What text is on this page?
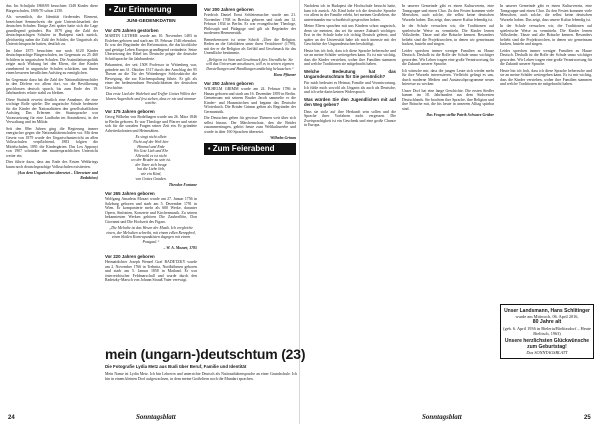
dus. Im Schuljahr 1868/69 besuchten 1348 Kinder diese Bürgerschulen, 1869/70 schon 2150.

Als wesentlich, die Identität förderndes Element, bezeichnet Semmelweis die gute Unterrichtsarbeit der deutschen Schulen. Einige Zeit später hatte sich die Lage grundlegend geändert. Bis 1879 ging die Zahl der deutschsprachigen Schulen in Budapest stark zurück, gleichzeitig nahm die Zahl der Schüler, die Ungarisch als Unterrichtssprache hatten, deutlich zu.

Im Jahre 1875 besuchten nur noch 6120 Kinder deutschsprachige Bürgerschulen, im Gegensatz zu 25 460 Schülern in ungarischen Schulen. Die Assimilationspolitik zeigte auch Wirkung bei den Eltern, die ihre Kinder zunehmend in ungarische Schulen schickten, um ihnen einen besseren beruflichen Aufstieg zu ermöglichen.

Im Gegensatz dazu hat die Zahl der Nationalitätenschüler in den Dörfern vor allem dort, wo die Bevölkerung geschlossen deutsch sprach, bis zum Ende des 19. Jahrhunderts relativ stabil zu bleiben.

Diese Statistik erweist deutlich eine Annahme, die eine wichtige Rolle spielte: Die ungarische Schule bedeutete für die Kinder der Nationalitäten den gesellschaftlichen Aufstieg. Das Erlernen der Staatssprache war Voraussetzung für eine Laufbahn im Staatsdienst, in der Verwaltung und im Militär.

Seit den 80er Jahren ging die Regierung immer energischer gegen die Nationalitätenschulen vor. Mit dem Gesetz von 1879 wurde der Ungarischunterricht an allen Volksschulen verpflichtend, 1883 folgten die Mittelschulen, 1891 die Kindergärten. Das Lex Apponyi von 1907 schränkte den muttersprachlichen Unterricht weiter ein.

Dies führte dazu, dass am Ende des Ersten Weltkriegs kaum noch deutschsprachige Volksschulen existierten.

(Aus dem Ungarischen übersetzt – Übersetzer und Redaktion)

• Zur Erinnerung
JUNI-GEDENKDATEN
Vor 475 Jahren gestorben

MARTIN LUTHER wurde am 10. November 1483 in Eisleben geboren und starb am 18. Februar 1546 ebendort. Er war der Begründer der Reformation, die das kirchliche und geistige Leben Europas grundlegend veränderte. Seine Übersetzung der Bibel ins Deutsche prägte die deutsche Schriftsprache für Jahrhunderte.

Bekanntest, der seit 1508 Professor in Wittenberg war, gründete am 31. Oktober 1517 durch den Anschlag der 95 Thesen an die Tür der Wittenberger Schlosskirche die Bewegung, die zur Kirchenspaltung führte. Er gilt als einer der bedeutendsten Persönlichkeiten der deutschen Geschichte.

Das erste Lied der Wahrheit und Treffer Gottes Willen der klaren Augenlicht und fest stehen, dass er nie und nimmer weiche.

Vor 175 Jahren geboren

Georg Wilhelm von Bodelhagen wurde am 26. März 1846 in Berlin geboren. Er war Theologe und Pfarrer und setzte sich für die sozialen Fragen seiner Zeit ein. Er gründete Arbeiterkolonien und Heimstätten.

Es singt nicht allein
Nicht auf der Welt hier
Himmel und Erde
Wo Gott Lieb und Ehr
Allewohl es ist nicht
wo der Bruder zu sein ist.
der Vater sich beugt
hat die Liebe lieb,
wie ein Kind,
von Gottes Gnaden.

Theodor Fontane

Vor 265 Jahren geboren

Wolfgang Amadeus Mozart wurde am 27. Januar 1756 in Salzburg geboren und starb am 5. Dezember 1791 in Wien. Er komponierte mehr als 600 Werke, darunter Opern, Sinfonien, Konzerte und Kirchenmusik. Zu seinen bekanntesten Werken gehören Die Zauberflöte, Don Giovanni und Die Hochzeit des Figaro.

„Die Melodie ist das Wesen der Musik. Ich vergleiche einen, der Melodien schreibt, mit einem edlen Rennpferd, einen bloßen Kontrapunktisten dagegen mit einem Postgaul.“

– W. A. Mozart, 1785

Vor 220 Jahren geboren

Heimatdichter Joseph Wenzel Graf RADETZKY wurde am 2. November 1766 in Trebnitz, Nordböhmen geboren und starb am 5. Januar 1858 in Mailand. Er war österreichischer Feldmarschall und wurde durch den Radetzky-Marsch von Johann Strauß Vater verewigt.

Vor 200 Jahren geboren

Friedrich Daniel Ernst Schleiermacher wurde am 21. November 1768 in Breslau geboren und starb am 12. Februar 1834 in Berlin. Er war evangelischer Theologe, Philosoph und Pädagoge und gilt als Begründer der modernen Hermeneutik.

Bemerkenswert ist seine Schrift „Über die Religion. Reden an die Gebildeten unter ihren Verächtern“ (1799), mit der er die Religion als Gefühl und Geschmack für das Unendliche bestimmte.

„Religion ist Sinn und Geschmack fürs Unendliche. Sie will das Universum anschauen, will es in seinen eigenen Darstellungen und Handlungen andächtig belauschen.“

Hans Pfitzner

Vor 250 Jahren geboren

WILHELM GRIMM wurde am 24. Februar 1786 in Hanau geboren und starb am 16. Dezember 1859 in Berlin. Gemeinsam mit seinem Bruder Jacob sammelte er die Kinder- und Hausmärchen und begann das Deutsche Wörterbuch. Die Brüder Grimm gelten als Begründer der Germanistik.

Die Deutschen gehen für gewisse Themen weit über sich selbst hinaus. Der Märchenschatz, den die Brüder zusammentrugen, gehört heute zum Weltkulturerbe und wurde in über 160 Sprachen übersetzt.

Wilhelm Grimm

• Zum Feierabend
mein (ungarn-)deutschtum (23)
Die Fotografie Lydia Metz aus Budi über Beruf, Familie und Identität

Mein Name ist Lydia Metz. Ich bin Lehrerin und unterrichte Deutsch als Nationalitätensprache an einer Grundschule. Ich bin in einem kleinen Dorf aufgewachsen, in dem meine Großeltern noch die Mundart sprachen.

24	Sonntagsblatt

Nachdem ich in Budapest die Hochschule besucht hatte, kam ich zurück. Als Kind habe ich die deutsche Sprache vor allem in der Familie erlebt, bei meinen Großeltern, die untereinander nur schwäbisch gesprochen haben.

Meine Eltern sprachen mit uns Kindern schon ungarisch, denn sie meinten, das sei für unsere Zukunft wichtiger. Erst in der Schule habe ich richtig Deutsch gelernt, und später an der Universität habe ich mich intensiv mit der Geschichte der Ungarndeutschen beschäftigt.

Heute bin ich froh, dass ich diese Sprache beherrsche und sie an meine Schüler weitergeben kann. Es ist mir wichtig, dass die Kinder verstehen, woher ihre Familien stammen und welche Traditionen sie mitgebracht haben.

Welche Bedeutung hat das Ungarndeutschtum für Sie persönlich?

Für mich bedeutet es Heimat, Familie und Verantwortung. Ich fühle mich sowohl als Ungarin als auch als Deutsche, und ich sehe darin keinen Widerspruch.

Was würden Sie den Jugendlichen mit auf den Weg geben?

Dass sie stolz auf ihre Herkunft sein sollen und die Sprache ihrer Vorfahren nicht vergessen. Die Zweisprachigkeit ist ein Geschenk und eine große Chance in Europa.

In unserer Gemeinde gibt es einen Kulturverein, eine Tanzgruppe und einen Chor. Zu den Festen kommen viele Menschen, auch solche, die selbst keine deutschen Wurzeln haben. Das zeigt, dass unsere Kultur lebendig ist.

In der Schule versuchen wir, die Traditionen auf spielerische Weise zu vermitteln. Die Kinder lernen Volkslieder, Tänze und alte Bräuche kennen. Besonders beliebt sind die Projektwochen, in denen wir gemeinsam backen, basteln und singen.

Leider sprechen immer weniger Familien zu Hause Deutsch. Deshalb ist die Rolle der Schule umso wichtiger geworden. Wir Lehrer tragen eine große Verantwortung für die Zukunft unserer Sprache.

Ich wünsche mir, dass die jungen Leute sich wieder mehr für ihre Wurzeln interessieren. Vielleicht gelingt es uns, durch moderne Medien und Austauschprogramme neues Interesse zu wecken.

Unser Dorf hat eine lange Geschichte. Die ersten Siedler kamen im 18. Jahrhundert aus dem Südwesten Deutschlands. Sie brachten ihre Sprache, ihre Religion und ihre Bräuche mit, die bis heute in unserem Alltag spürbar sind.

Das Fragen stellte Patrik Schwarz-Gräber

In unserer Gemeinde gibt es einen Kulturverein, eine Tanzgruppe und einen Chor. Zu den Festen kommen viele Menschen, auch solche, die selbst keine deutschen Wurzeln haben. Das zeigt, dass unsere Kultur lebendig ist.

In der Schule versuchen wir, die Traditionen auf spielerische Weise zu vermitteln. Die Kinder lernen Volkslieder, Tänze und alte Bräuche kennen. Besonders beliebt sind die Projektwochen, in denen wir gemeinsam backen, basteln und singen.

Leider sprechen immer weniger Familien zu Hause Deutsch. Deshalb ist die Rolle der Schule umso wichtiger geworden. Wir Lehrer tragen eine große Verantwortung für die Zukunft unserer Sprache.

Heute bin ich froh, dass ich diese Sprache beherrsche und sie an meine Schüler weitergeben kann. Es ist mir wichtig, dass die Kinder verstehen, woher ihre Familien stammen und welche Traditionen sie mitgebracht haben.

Unser Landsmann, Hans Schlitinger
wurde am Mittwoch, 06. April 2016,
80 Jahre alt
(geb. 6. April 1936 in Bieleria/Bielitzsdorf – Heute Bielitsch, 1963)
Unsere herzlichsten Glückwünsche zum Geburtstag!
Das SONNTAGSBLATT
Sonntagsblatt	25
